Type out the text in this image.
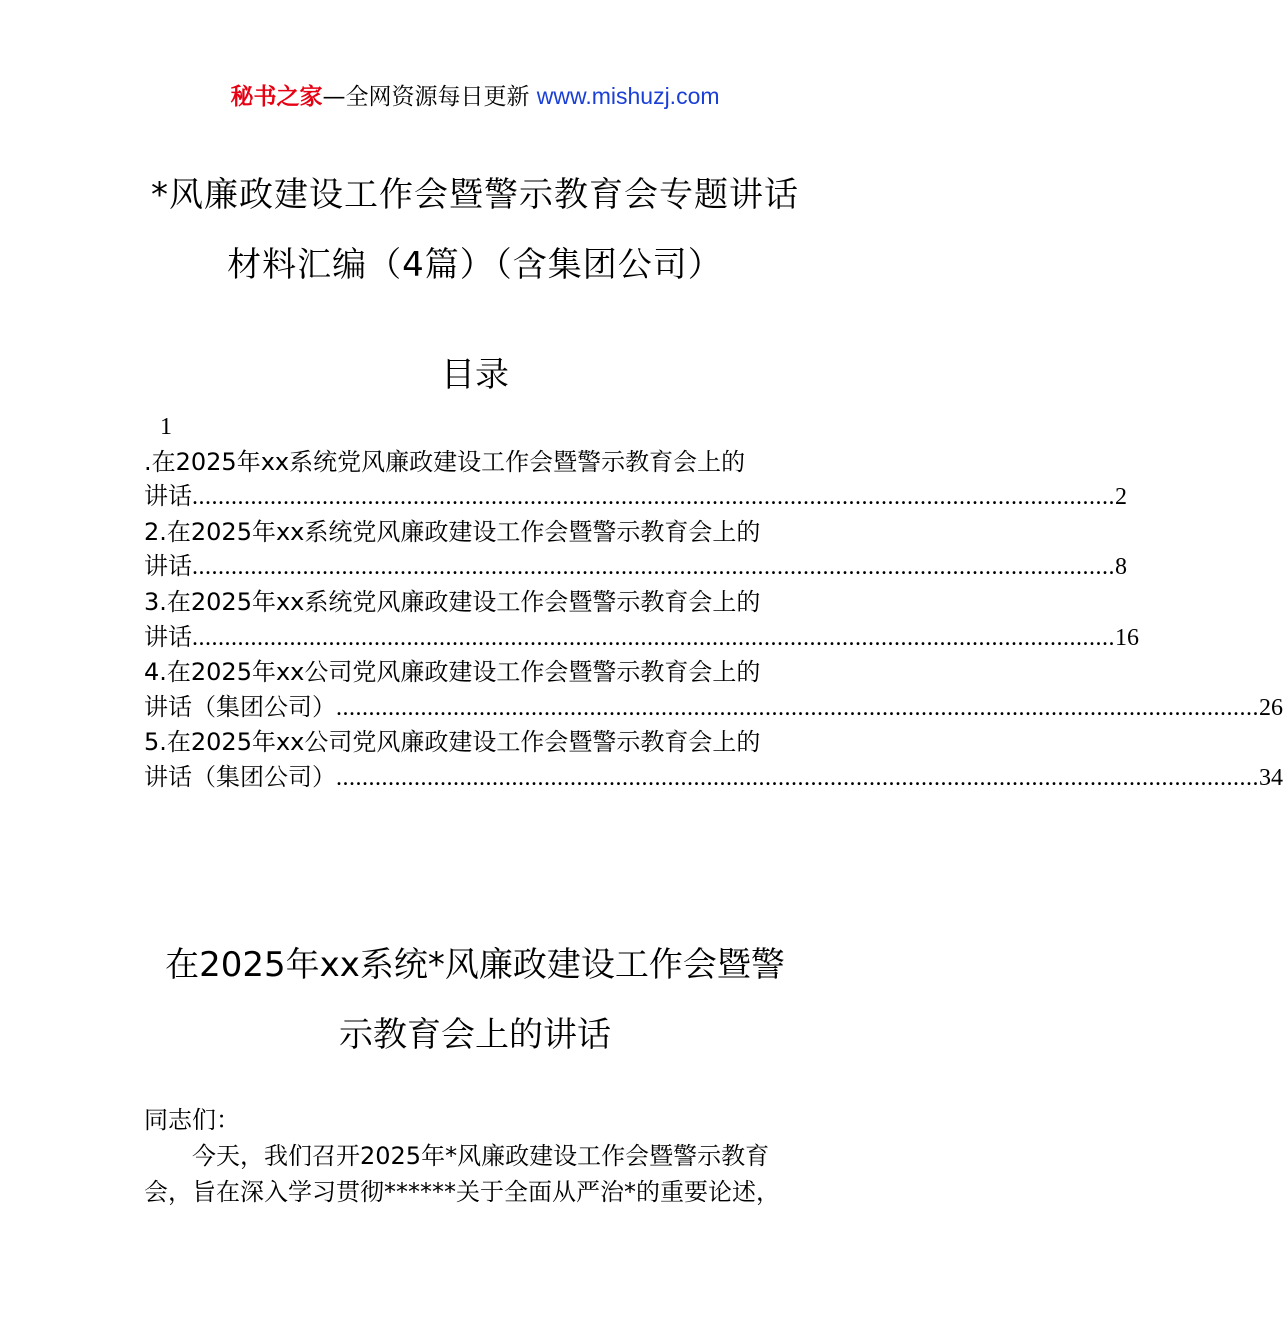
秘书之家—全网资源每日更新 www.mishuzj.com
*风廉政建设工作会暨警示教育会专题讲话
材料汇编（4篇）（含集团公司）
目录
1
.在2025年xx系统党风廉政建设工作会暨警示教育会上的
讲话 .............................................................................................................................................. 2
2.在2025年xx系统党风廉政建设工作会暨警示教育会上的
讲话 .............................................................................................................................................. 8
3.在2025年xx系统党风廉政建设工作会暨警示教育会上的
讲话 .............................................................................................................................................. 16
4.在2025年xx公司党风廉政建设工作会暨警示教育会上的
讲话（集团公司） .............................................................................................................................................. 26
5.在2025年xx公司党风廉政建设工作会暨警示教育会上的
讲话（集团公司） .............................................................................................................................................. 34
在2025年xx系统*风廉政建设工作会暨警
示教育会上的讲话

同志们：

今天，我们召开2025年*风廉政建设工作会暨警示教育

会，旨在深入学习贯彻******关于全面从严治*的重要论述，
